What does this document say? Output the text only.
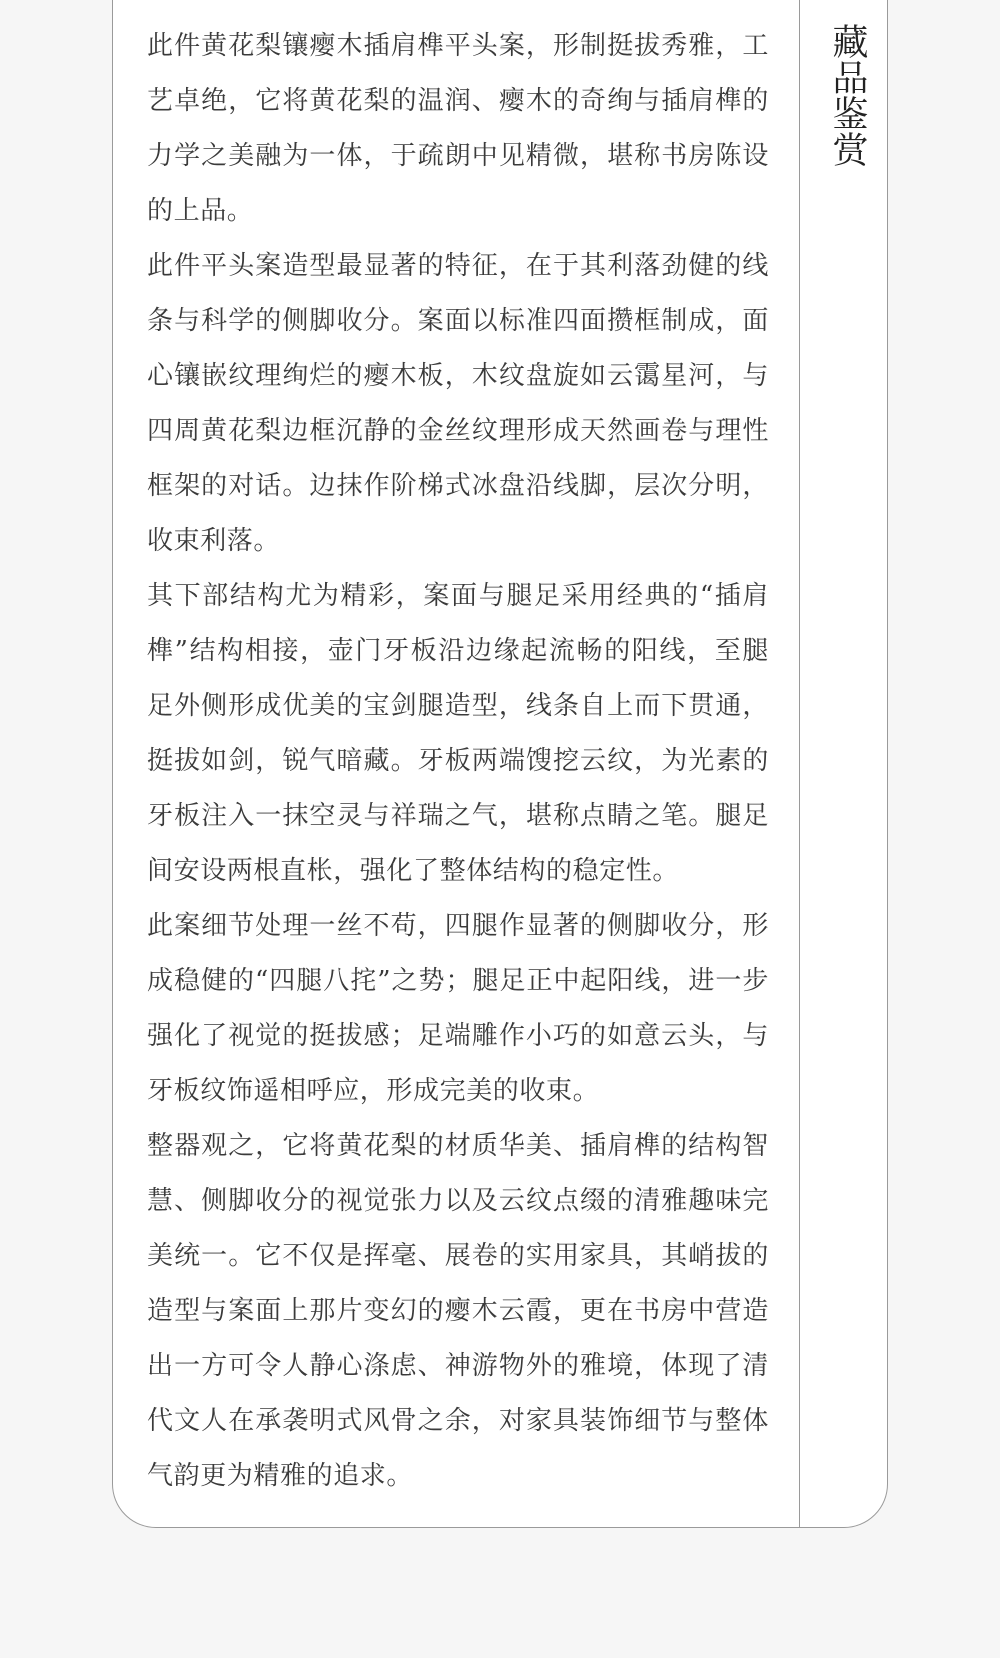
此件黄花梨镶瘿木插肩榫平头案，形制挺拔秀雅，工艺卓绝，它将黄花梨的温润、瘿木的奇绚与插肩榫的力学之美融为一体，于疏朗中见精微，堪称书房陈设的上品。

此件平头案造型最显著的特征，在于其利落劲健的线条与科学的侧脚收分。案面以标准四面攒框制成，面心镶嵌纹理绚烂的瘿木板，木纹盘旋如云霭星河，与四周黄花梨边框沉静的金丝纹理形成天然画卷与理性框架的对话。边抹作阶梯式冰盘沿线脚，层次分明，收束利落。

其下部结构尤为精彩，案面与腿足采用经典的“插肩榫”结构相接，壶门牙板沿边缘起流畅的阳线，至腿足外侧形成优美的宝剑腿造型，线条自上而下贯通，挺拔如剑，锐气暗藏。牙板两端馊挖云纹，为光素的牙板注入一抹空灵与祥瑞之气，堪称点睛之笔。腿足间安设两根直枨，强化了整体结构的稳定性。

此案细节处理一丝不苟，四腿作显著的侧脚收分，形成稳健的“四腿八挓”之势；腿足正中起阳线，进一步强化了视觉的挺拔感；足端雕作小巧的如意云头，与牙板纹饰遥相呼应，形成完美的收束。

整器观之，它将黄花梨的材质华美、插肩榫的结构智慧、侧脚收分的视觉张力以及云纹点缀的清雅趣味完美统一。它不仅是挥毫、展卷的实用家具，其峭拔的造型与案面上那片变幻的瘿木云霞，更在书房中营造出一方可令人静心涤虑、神游物外的雅境，体现了清代文人在承袭明式风骨之余，对家具装饰细节与整体气韵更为精雅的追求。

藏品鉴赏
